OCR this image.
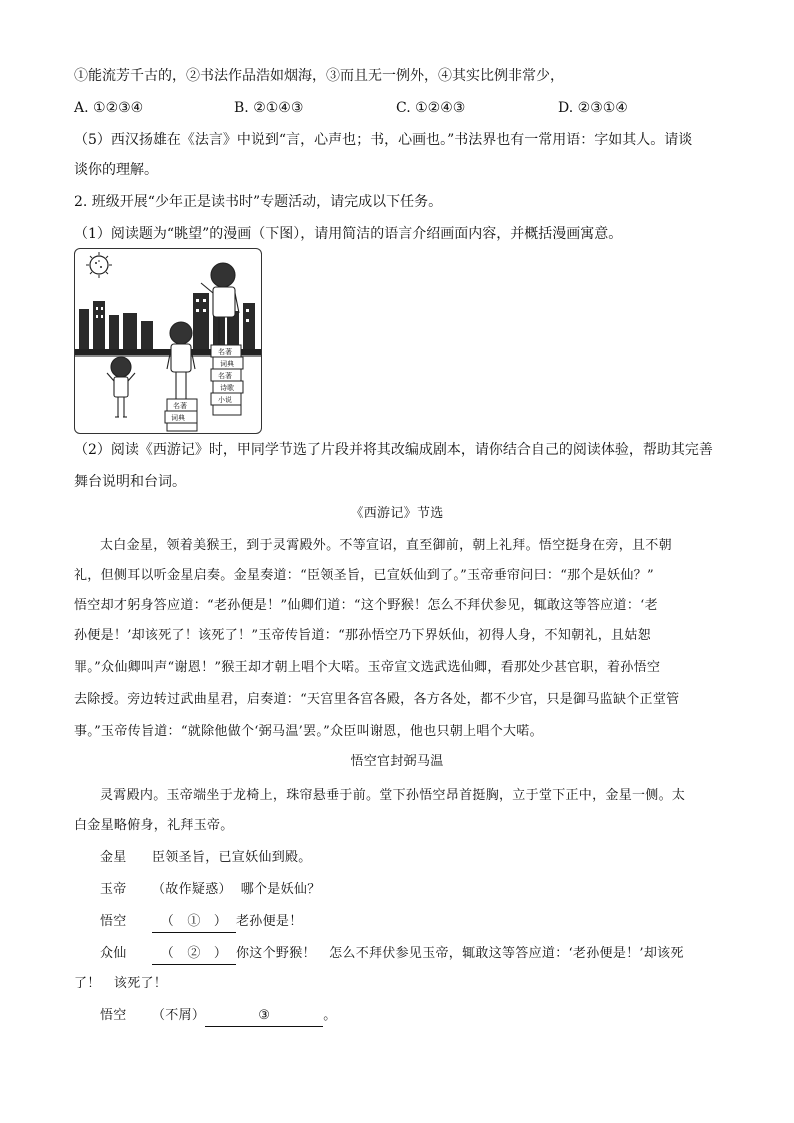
①能流芳千古的，②书法作品浩如烟海，③而且无一例外，④其实比例非常少，
A. ①②③④	B. ②①④③	C. ①②④③	D. ②③①④
（5）西汉扬雄在《法言》中说到“言，心声也；书，心画也。”书法界也有一常用语：字如其人。请谈
谈你的理解。
2. 班级开展“少年正是读书时”专题活动，请完成以下任务。
（1）阅读题为“眺望”的漫画（下图），请用简洁的语言介绍画面内容，并概括漫画寓意。
名著
词典
名著
词典
名著
诗歌
小说
（2）阅读《西游记》时，甲同学节选了片段并将其改编成剧本，请你结合自己的阅读体验，帮助其完善
舞台说明和台词。
《西游记》节选
太白金星，领着美猴王，到于灵霄殿外。不等宣诏，直至御前，朝上礼拜。悟空挺身在旁，且不朝
礼，但侧耳以听金星启奏。金星奏道：“臣领圣旨，已宣妖仙到了。”玉帝垂帘问曰：“那个是妖仙？”
悟空却才躬身答应道：“老孙便是！”仙卿们道：“这个野猴！怎么不拜伏参见，辄敢这等答应道：‘老
孙便是！’却该死了！该死了！”玉帝传旨道：“那孙悟空乃下界妖仙，初得人身，不知朝礼，且姑恕
罪。”众仙卿叫声“谢恩！”猴王却才朝上唱个大喏。玉帝宣文选武选仙卿，看那处少甚官职，着孙悟空
去除授。旁边转过武曲星君，启奏道：“天宫里各宫各殿，各方各处，都不少官，只是御马监缺个正堂管
事。”玉帝传旨道：“就除他做个‘弼马温’罢。”众臣叫谢恩，他也只朝上唱个大喏。
悟空官封弼马温
灵霄殿内。玉帝端坐于龙椅上，珠帘悬垂于前。堂下孙悟空昂首挺胸，立于堂下正中，金星一侧。太
白金星略俯身，礼拜玉帝。
金星 臣领圣旨，已宣妖仙到殿。
玉帝 （故作疑惑） 哪个是妖仙？
悟空	（　①　） 老孙便是！
众仙	（　②　） 你这个野猴！　怎么不拜伏参见玉帝，辄敢这等答应道：‘老孙便是！’却该死
了！　该死了！
悟空 （不屑）	③	。
